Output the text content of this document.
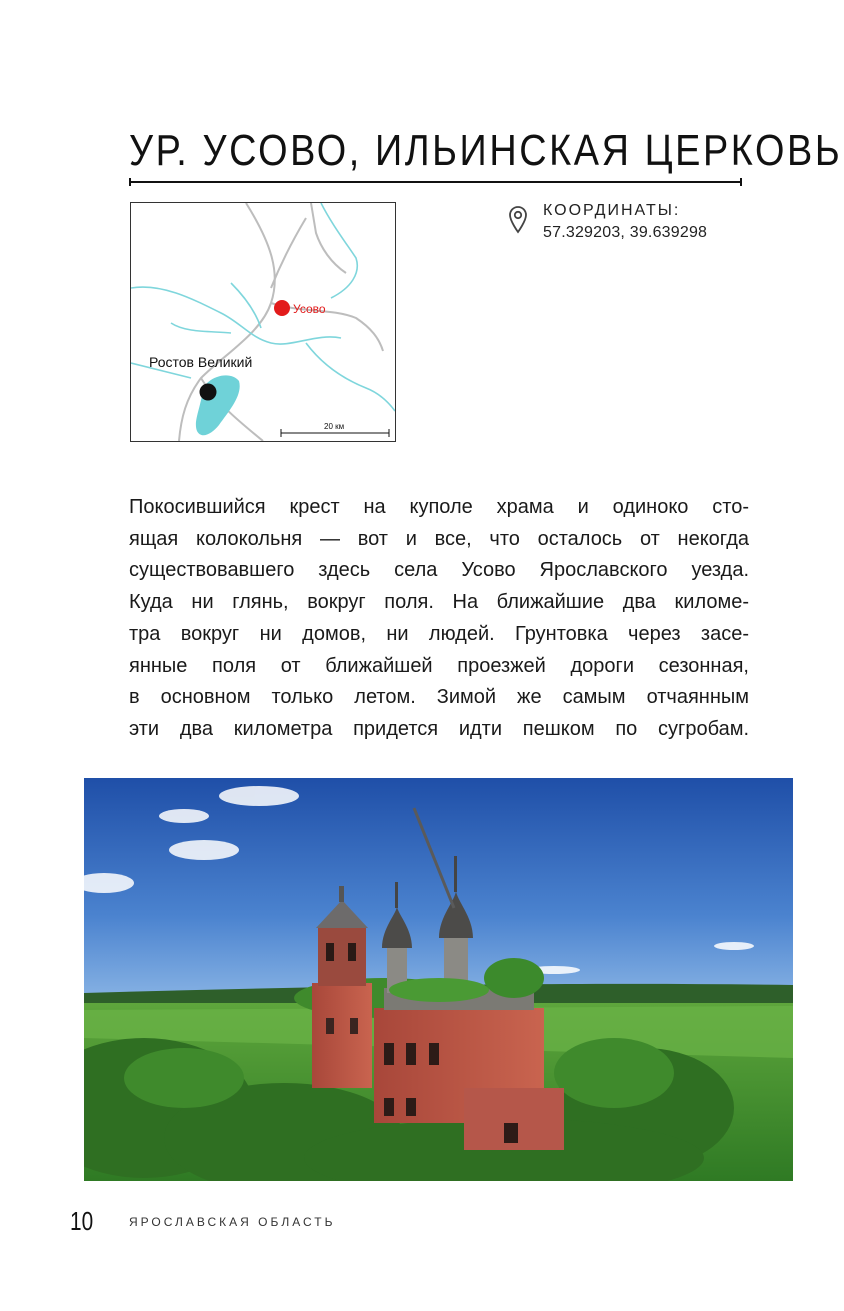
УР. УСОВО, ИЛЬИНСКАЯ ЦЕРКОВЬ
Усово
Ростов Великий
20 км
КООРДИНАТЫ:
57.329203, 39.639298
Покосившийся крест на куполе храма и одиноко сто-
ящая колокольня — вот и все, что осталось от некогда
существовавшего здесь села Усово Ярославского уезда.
Куда ни глянь, вокруг поля. На ближайшие два киломе-
тра вокруг ни домов, ни людей. Грунтовка через засе-
янные поля от ближайшей проезжей дороги сезонная,
в основном только летом. Зимой же самым отчаянным
эти два километра придется идти пешком по сугробам.
10	ЯРОСЛАВСКАЯ ОБЛАСТЬ
